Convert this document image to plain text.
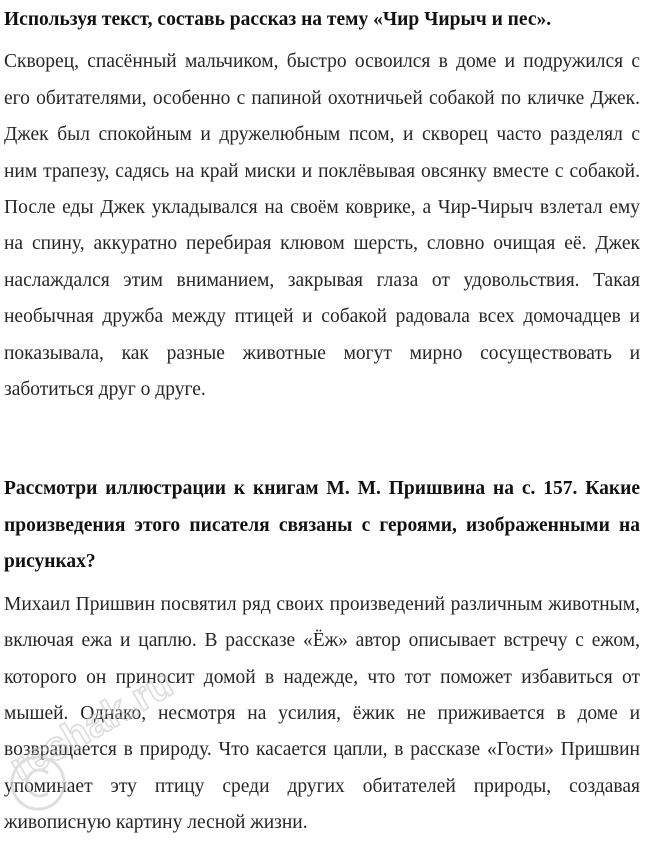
Используя текст, составь рассказ на тему «Чир Чирыч и пес».

Скворец, спасённый мальчиком, быстро освоился в доме и подружился с его обитателями, особенно с папиной охотничьей собакой по кличке Джек. Джек был спокойным и дружелюбным псом, и скворец часто разделял с ним трапезу, садясь на край миски и поклёвывая овсянку вместе с собакой. После еды Джек укладывался на своём коврике, а Чир-Чирыч взлетал ему на спину, аккуратно перебирая клювом шерсть, словно очищая её. Джек наслаждался этим вниманием, закрывая глаза от удовольствия. Такая необычная дружба между птицей и собакой радовала всех домочадцев и показывала, как разные животные могут мирно сосуществовать и заботиться друг о друге.

Рассмотри иллюстрации к книгам М. М. Пришвина на с. 157. Какие произведения этого писателя связаны с героями, изображенными на рисунках?

Михаил Пришвин посвятил ряд своих произведений различным животным, включая ежа и цаплю. В рассказе «Ёж» автор описывает встречу с ежом, которого он приносит домой в надежде, что тот поможет избавиться от мышей. Однако, несмотря на усилия, ёжик не приживается в доме и возвращается в природу. Что касается цапли, в рассказе «Гости» Пришвин упоминает эту птицу среди других обитателей природы, создавая живописную картину лесной жизни.

reshak.ru
